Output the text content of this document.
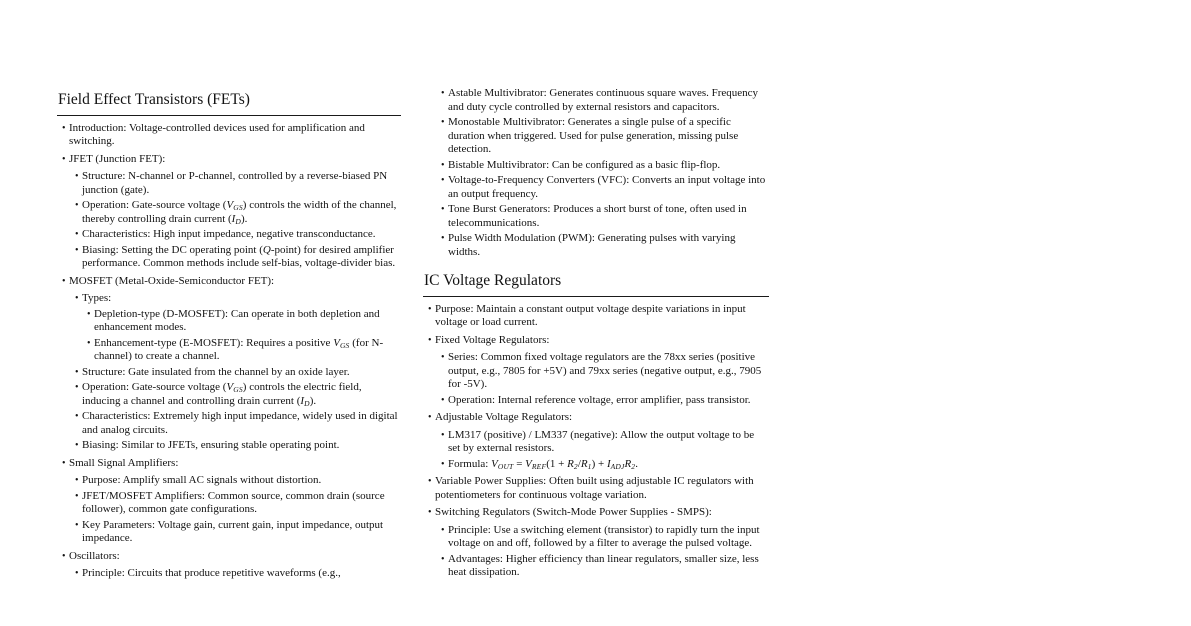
Field Effect Transistors (FETs)
• Introduction: Voltage-controlled devices used for amplification and switching.
• JFET (Junction FET):
• Structure: N-channel or P-channel, controlled by a reverse-biased PN junction (gate).
• Operation: Gate-source voltage $(V_{GS})$ controls the width of the channel, thereby controlling drain current $(I_D)$.
• Characteristics: High input impedance, negative transconductance.
• Biasing: Setting the DC operating point (Q-point) for desired amplifier performance. Common methods include self-bias, voltage-divider bias.
• MOSFET (Metal-Oxide-Semiconductor FET):
• Types:
• Depletion-type (D-MOSFET): Can operate in both depletion and enhancement modes.
• Enhancement-type (E-MOSFET): Requires a positive $V_{GS}$ (for N-channel) to create a channel.
• Structure: Gate insulated from the channel by an oxide layer.
• Operation: Gate-source voltage $(V_{GS})$ controls the electric field, inducing a channel and controlling drain current $(I_D)$.
• Characteristics: Extremely high input impedance, widely used in digital and analog circuits.
• Biasing: Similar to JFETs, ensuring stable operating point.
• Small Signal Amplifiers:
• Purpose: Amplify small AC signals without distortion.
• JFET/MOSFET Amplifiers: Common source, common drain (source follower), common gate configurations.
• Key Parameters: Voltage gain, current gain, input impedance, output impedance.
• Oscillators:
• Principle: Circuits that produce repetitive waveforms (e.g.,
• Astable Multivibrator: Generates continuous square waves. Frequency and duty cycle controlled by external resistors and capacitors.
• Monostable Multivibrator: Generates a single pulse of a specific duration when triggered. Used for pulse generation, missing pulse detection.
• Bistable Multivibrator: Can be configured as a basic flip-flop.
• Voltage-to-Frequency Converters (VFC): Converts an input voltage into an output frequency.
• Tone Burst Generators: Produces a short burst of tone, often used in telecommunications.
• Pulse Width Modulation (PWM): Generating pulses with varying widths.
IC Voltage Regulators
• Purpose: Maintain a constant output voltage despite variations in input voltage or load current.
• Fixed Voltage Regulators:
• Series: Common fixed voltage regulators are the 78xx series (positive output, e.g., 7805 for +5V) and 79xx series (negative output, e.g., 7905 for -5V).
• Operation: Internal reference voltage, error amplifier, pass transistor.
• Adjustable Voltage Regulators:
• LM317 (positive) / LM337 (negative): Allow the output voltage to be set by external resistors.
• Formula: $V_{OUT} = V_{REF}(1 + R_2/R_1) + I_{ADJ}R_2$.
• Variable Power Supplies: Often built using adjustable IC regulators with potentiometers for continuous voltage variation.
• Switching Regulators (Switch-Mode Power Supplies - SMPS):
• Principle: Use a switching element (transistor) to rapidly turn the input voltage on and off, followed by a filter to average the pulsed voltage.
• Advantages: Higher efficiency than linear regulators, smaller size, less heat dissipation.
